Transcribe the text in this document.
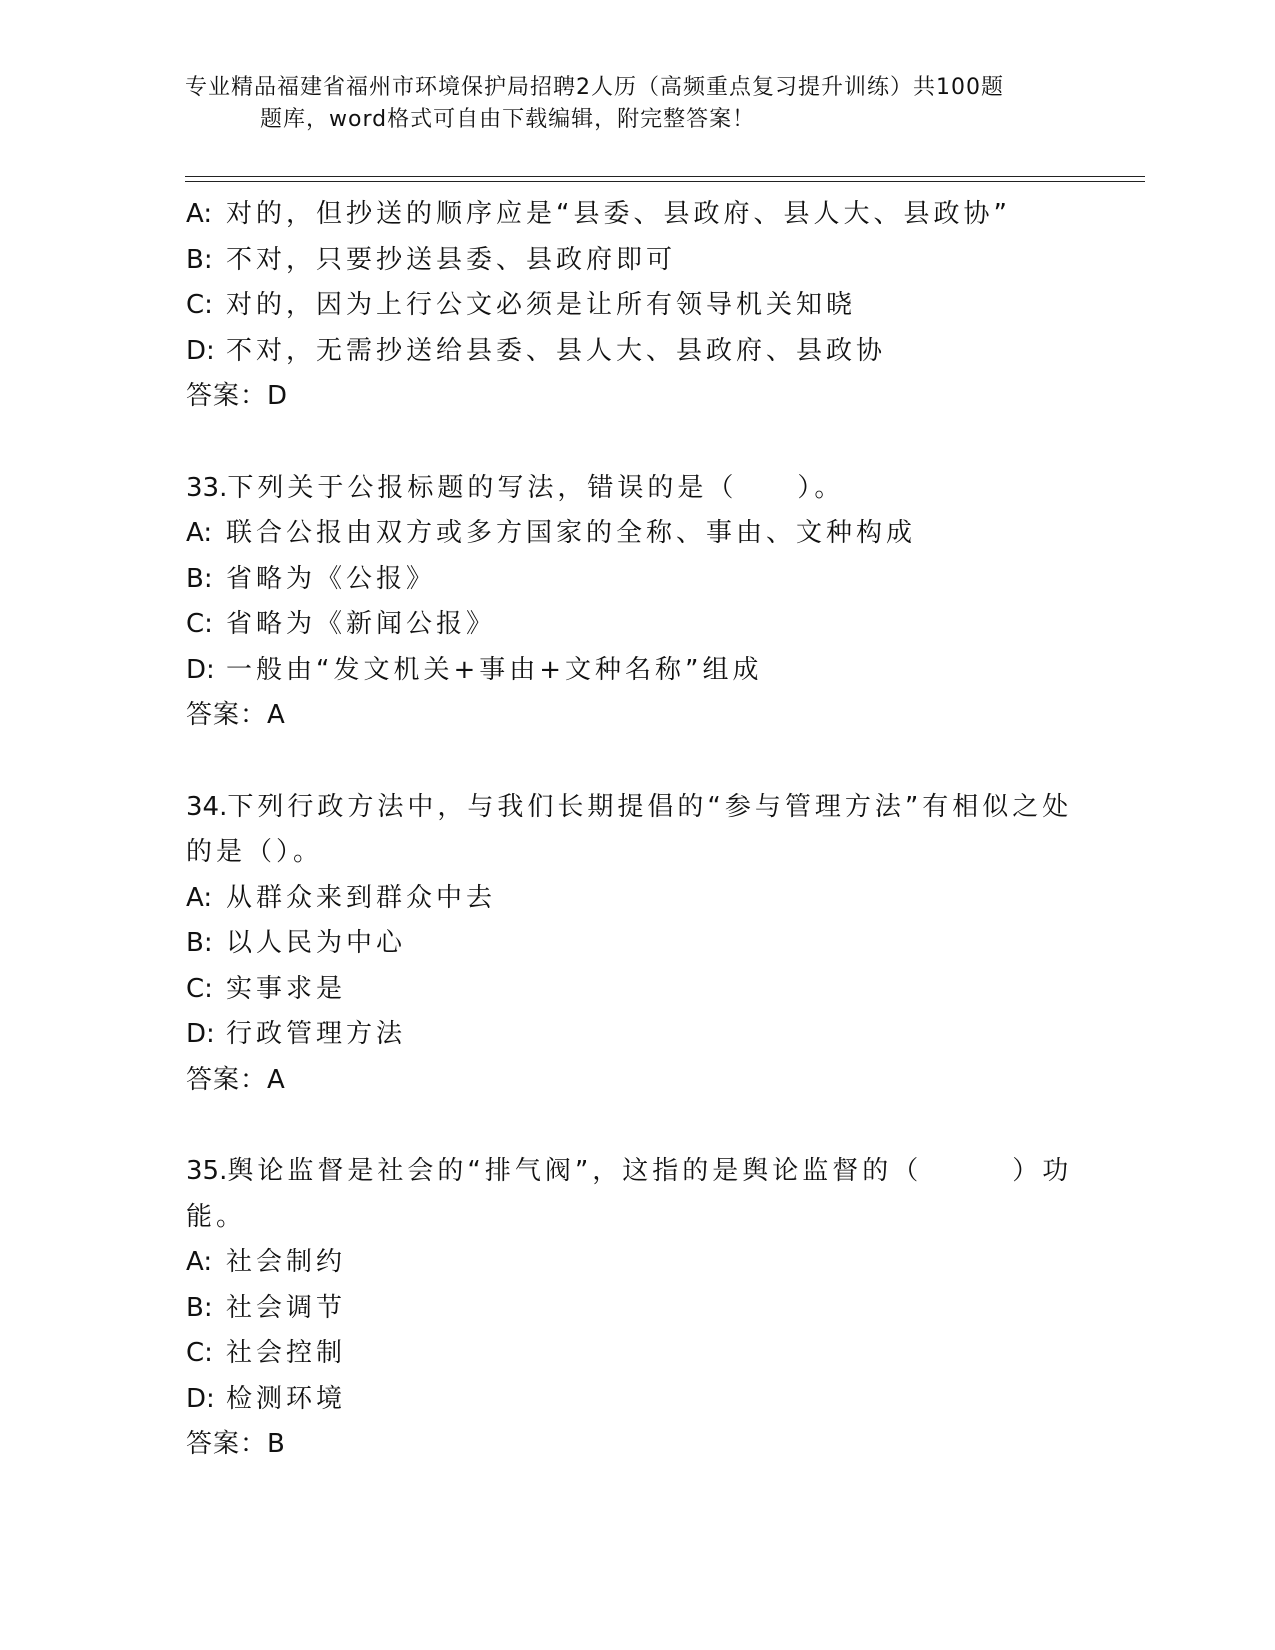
专业精品福建省福州市环境保护局招聘2人历（高频重点复习提升训练）共100题
题库，word格式可自由下载编辑，附完整答案！
A: 对的，但抄送的顺序应是“县委、县政府、县人大、县政协”
B: 不对，只要抄送县委、县政府即可
C: 对的，因为上行公文必须是让所有领导机关知晓
D: 不对，无需抄送给县委、县人大、县政府、县政协
答案：D
33.下列关于公报标题的写法，错误的是（　　）。
A: 联合公报由双方或多方国家的全称、事由、文种构成
B: 省略为《公报》
C: 省略为《新闻公报》
D: 一般由“发文机关+事由+文种名称”组成
答案：A
34.下列行政方法中，与我们长期提倡的“参与管理方法”有相似之处
的是（）。
A: 从群众来到群众中去
B: 以人民为中心
C: 实事求是
D: 行政管理方法
答案：A
35.舆论监督是社会的“排气阀”，这指的是舆论监督的（　　　）功
能。
A: 社会制约
B: 社会调节
C: 社会控制
D: 检测环境
答案：B
